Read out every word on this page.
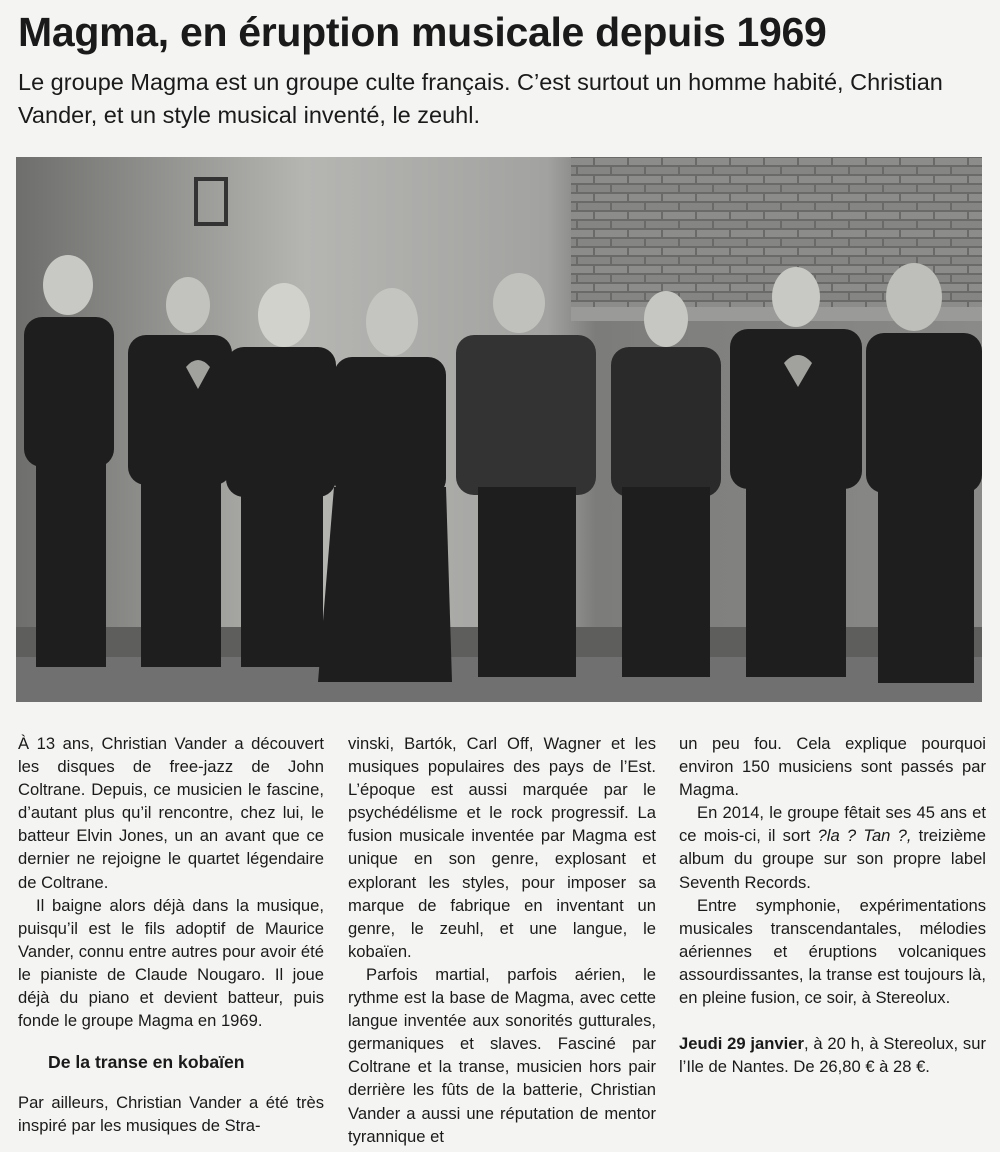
Magma, en éruption musicale depuis 1969

Le groupe Magma est un groupe culte français. C’est surtout un homme habité, Christian Vander, et un style musical inventé, le zeuhl.

À 13 ans, Christian Vander a découvert les disques de free-jazz de John Coltrane. Depuis, ce musicien le fascine, d’autant plus qu’il rencontre, chez lui, le batteur Elvin Jones, un an avant que ce dernier ne rejoigne le quartet légendaire de Coltrane.

Il baigne alors déjà dans la musique, puisqu’il est le fils adoptif de Maurice Vander, connu entre autres pour avoir été le pianiste de Claude Nougaro. Il joue déjà du piano et devient batteur, puis fonde le groupe Magma en 1969.

De la transe en kobaïen

Par ailleurs, Christian Vander a été très inspiré par les musiques de Stra-

vinski, Bartók, Carl Off, Wagner et les musiques populaires des pays de l’Est. L’époque est aussi marquée par le psychédélisme et le rock progressif. La fusion musicale inventée par Magma est unique en son genre, explosant et explorant les styles, pour imposer sa marque de fabrique en inventant un genre, le zeuhl, et une langue, le kobaïen.

Parfois martial, parfois aérien, le rythme est la base de Magma, avec cette langue inventée aux sonorités gutturales, germaniques et slaves. Fasciné par Coltrane et la transe, musicien hors pair derrière les fûts de la batterie, Christian Vander a aussi une réputation de mentor tyrannique et

un peu fou. Cela explique pourquoi environ 150 musiciens sont passés par Magma.

En 2014, le groupe fêtait ses 45 ans et ce mois-ci, il sort ?la ? Tan ?, treizième album du groupe sur son propre label Seventh Records.

Entre symphonie, expérimentations musicales transcendantales, mélodies aériennes et éruptions volcaniques assourdissantes, la transe est toujours là, en pleine fusion, ce soir, à Stereolux.

Jeudi 29 janvier, à 20 h, à Stereolux, sur l’Ile de Nantes. De 26,80 € à 28 €.
